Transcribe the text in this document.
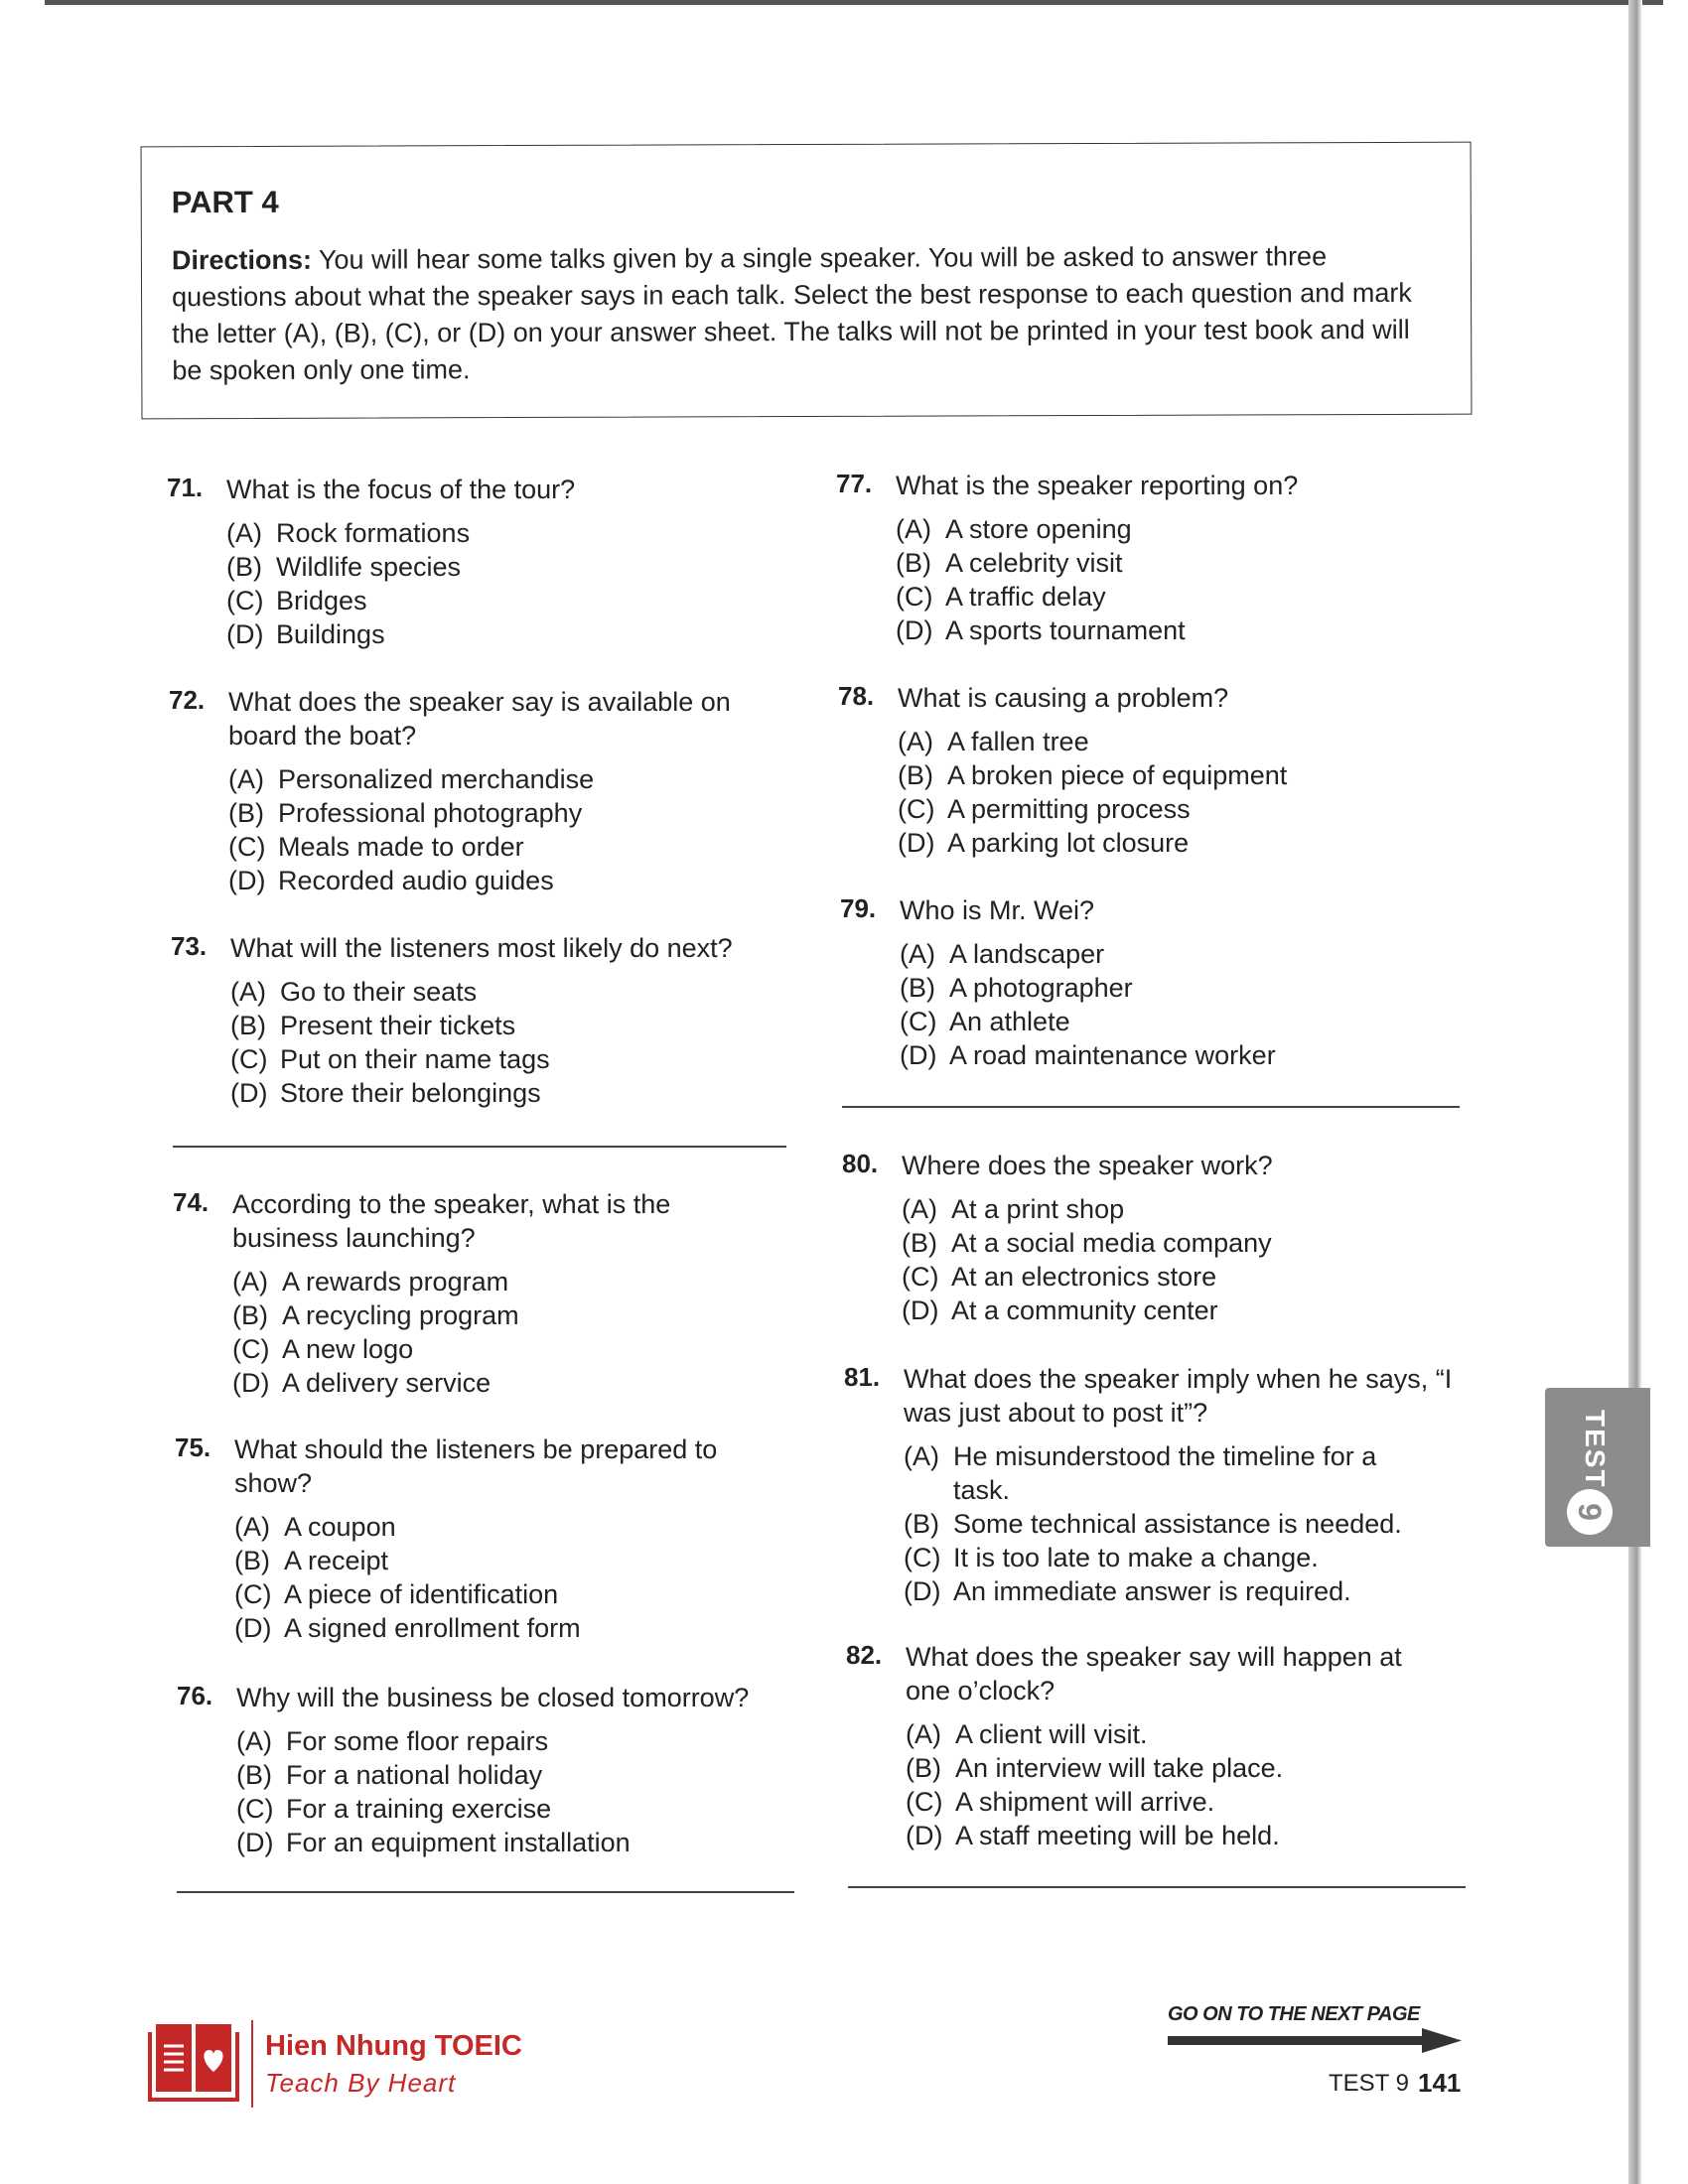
PART 4

Directions: You will hear some talks given by a single speaker. You will be asked to answer three questions about what the speaker says in each talk. Select the best response to each question and mark the letter (A), (B), (C), or (D) on your answer sheet. The talks will not be printed in your test book and will be spoken only one time.

71. What is the focus of the tour?
(A) Rock formations
(B) Wildlife species
(C) Bridges
(D) Buildings
72. What does the speaker say is available on board the boat?
(A) Personalized merchandise
(B) Professional photography
(C) Meals made to order
(D) Recorded audio guides
73. What will the listeners most likely do next?
(A) Go to their seats
(B) Present their tickets
(C) Put on their name tags
(D) Store their belongings
74. According to the speaker, what is the business launching?
(A) A rewards program
(B) A recycling program
(C) A new logo
(D) A delivery service
75. What should the listeners be prepared to show?
(A) A coupon
(B) A receipt
(C) A piece of identification
(D) A signed enrollment form
76. Why will the business be closed tomorrow?
(A) For some floor repairs
(B) For a national holiday
(C) For a training exercise
(D) For an equipment installation
77. What is the speaker reporting on?
(A) A store opening
(B) A celebrity visit
(C) A traffic delay
(D) A sports tournament
78. What is causing a problem?
(A) A fallen tree
(B) A broken piece of equipment
(C) A permitting process
(D) A parking lot closure
79. Who is Mr. Wei?
(A) A landscaper
(B) A photographer
(C) An athlete
(D) A road maintenance worker
80. Where does the speaker work?
(A) At a print shop
(B) At a social media company
(C) At an electronics store
(D) At a community center
81. What does the speaker imply when he says, “I was just about to post it”?
(A) He misunderstood the timeline for a task.
(B) Some technical assistance is needed.
(C) It is too late to make a change.
(D) An immediate answer is required.
82. What does the speaker say will happen at one o’clock?
(A) A client will visit.
(B) An interview will take place.
(C) A shipment will arrive.
(D) A staff meeting will be held.
TEST
9
Hien Nhung TOEIC
Teach By Heart
GO ON TO THE NEXT PAGE
TEST 9 141
